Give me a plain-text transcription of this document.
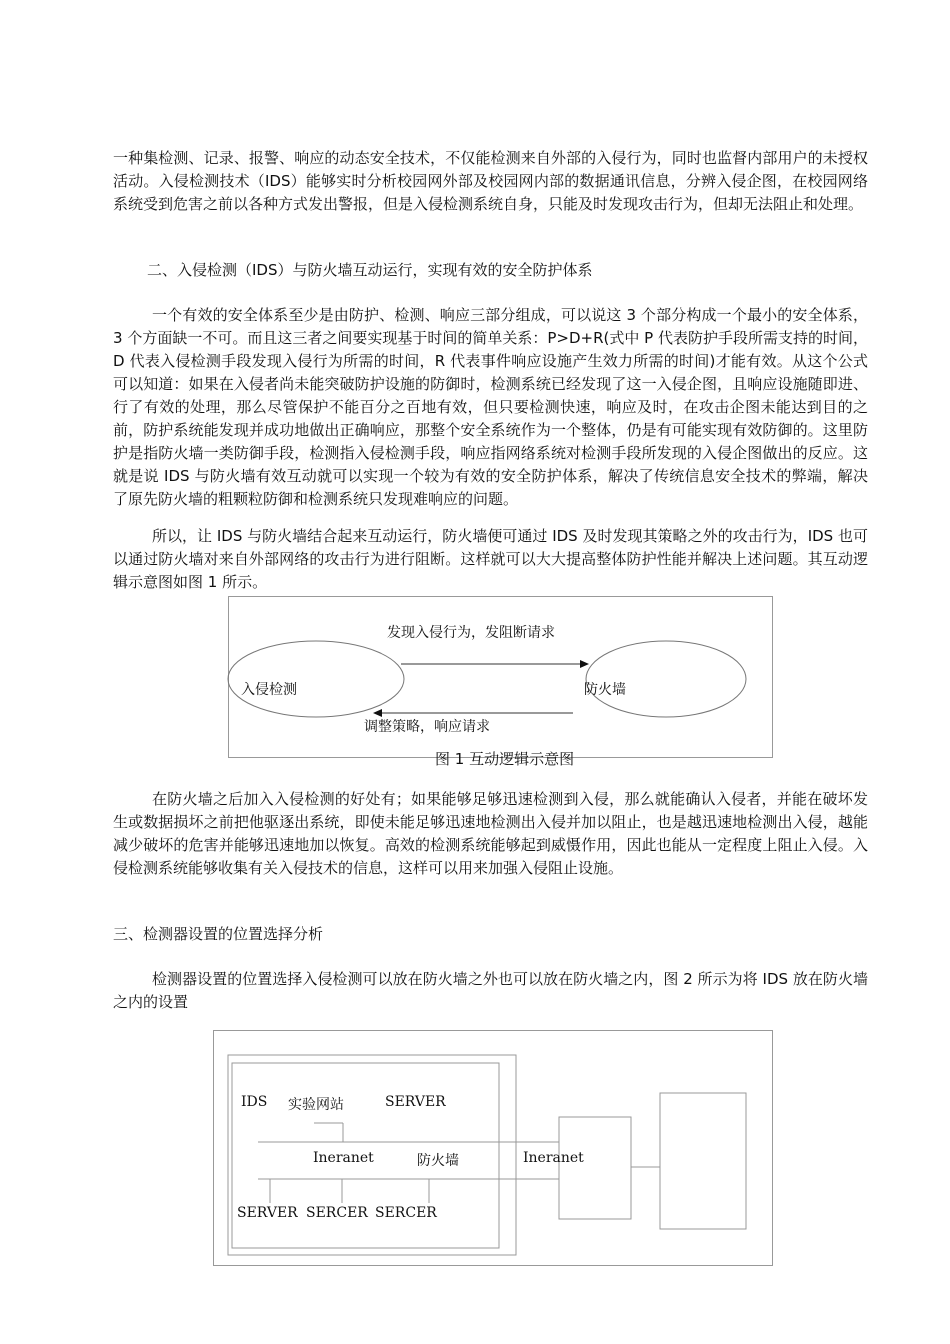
一种集检测、记录、报警、响应的动态安全技术，不仅能检测来自外部的入侵行为，同时也监督内部用户的未授权活动。入侵检测技术（IDS）能够实时分析校园网外部及校园网内部的数据通讯信息，分辨入侵企图，在校园网络系统受到危害之前以各种方式发出警报，但是入侵检测系统自身，只能及时发现攻击行为，但却无法阻止和处理。

二、入侵检测（IDS）与防火墙互动运行，实现有效的安全防护体系

一个有效的安全体系至少是由防护、检测、响应三部分组成，可以说这 3 个部分构成一个最小的安全体系，3 个方面缺一不可。而且这三者之间要实现基于时间的简单关系：P>D+R(式中 P 代表防护手段所需支持的时间，D 代表入侵检测手段发现入侵行为所需的时间，R 代表事件响应设施产生效力所需的时间)才能有效。从这个公式可以知道：如果在入侵者尚未能突破防护设施的防御时，检测系统已经发现了这一入侵企图，且响应设施随即进、行了有效的处理，那么尽管保护不能百分之百地有效，但只要检测快速，响应及时，在攻击企图未能达到目的之前，防护系统能发现并成功地做出正确响应，那整个安全系统作为一个整体，仍是有可能实现有效防御的。这里防护是指防火墙一类防御手段，检测指入侵检测手段，响应指网络系统对检测手段所发现的入侵企图做出的反应。这就是说 IDS 与防火墙有效互动就可以实现一个较为有效的安全防护体系，解决了传统信息安全技术的弊端，解决了原先防火墙的粗颗粒防御和检测系统只发现难响应的问题。

所以，让 IDS 与防火墙结合起来互动运行，防火墙便可通过 IDS 及时发现其策略之外的攻击行为，IDS 也可以通过防火墙对来自外部网络的攻击行为进行阻断。这样就可以大大提高整体防护性能并解决上述问题。其互动逻辑示意图如图 1 所示。

发现入侵行为，发阻断请求
入侵检测	防火墙
调整策略，响应请求
图 1 互动逻辑示意图

在防火墙之后加入入侵检测的好处有；如果能够足够迅速检测到入侵，那么就能确认入侵者，并能在破坏发生或数据损坏之前把他驱逐出系统，即使未能足够迅速地检测出入侵并加以阻止，也是越迅速地检测出入侵，越能减少破坏的危害并能够迅速地加以恢复。高效的检测系统能够起到威慑作用，因此也能从一定程度上阻止入侵。入侵检测系统能够收集有关入侵技术的信息，这样可以用来加强入侵阻止设施。

三、检测器设置的位置选择分析

检测器设置的位置选择入侵检测可以放在防火墙之外也可以放在防火墙之内，图 2 所示为将 IDS 放在防火墙之内的设置

IDS 实验网站	SERVER
Ineranet	防火墙	Ineranet
SERVER SERCER SERCER
